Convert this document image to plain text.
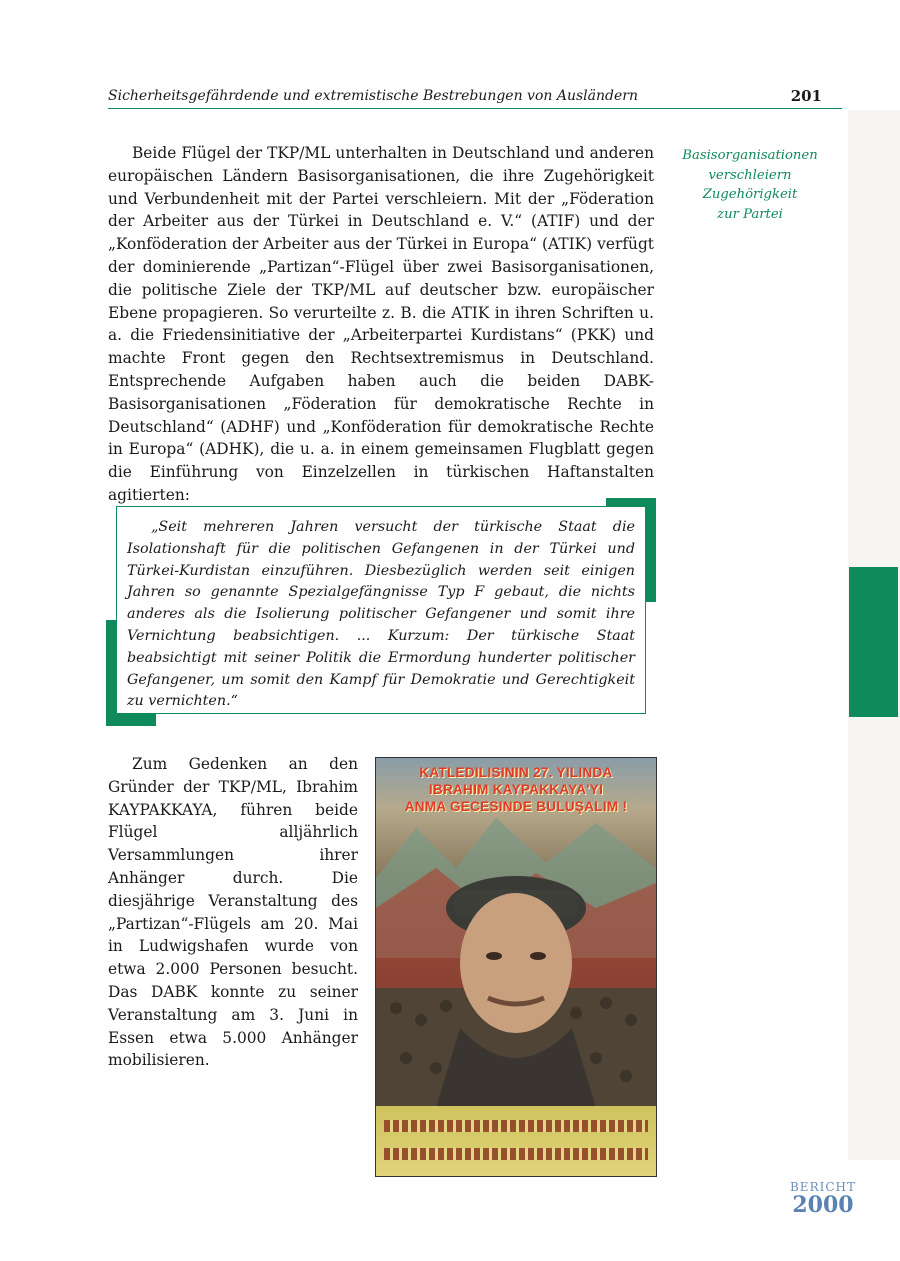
Sicherheitsgefährdende und extremistische Bestrebungen von Ausländern	201

Beide Flügel der TKP/ML unterhalten in Deutschland und anderen europäischen Ländern Basisorganisationen, die ihre Zugehörigkeit und Verbundenheit mit der Partei verschleiern. Mit der „Föderation der Arbeiter aus der Türkei in Deutschland e. V.“ (ATIF) und der „Konföderation der Arbeiter aus der Türkei in Europa“ (ATIK) verfügt der dominierende „Partizan“-Flügel über zwei Basisorganisationen, die politische Ziele der TKP/ML auf deutscher bzw. europäischer Ebene propagieren. So verurteilte z. B. die ATIK in ihren Schriften u. a. die Friedensinitiative der „Arbeiterpartei Kurdistans“ (PKK) und machte Front gegen den Rechtsextremismus in Deutschland. Entsprechende Aufgaben haben auch die beiden DABK-Basisorganisationen „Föderation für demokratische Rechte in Deutschland“ (ADHF) und „Konföderation für demokratische Rechte in Europa“ (ADHK), die u. a. in einem gemeinsamen Flugblatt gegen die Einführung von Einzelzellen in türkischen Haftanstalten agitierten:

Basisorganisationen
verschleiern
Zugehörigkeit
zur Partei
„Seit mehreren Jahren versucht der türkische Staat die Isolationshaft für die politischen Gefangenen in der Türkei und Türkei-Kurdistan einzuführen. Diesbezüglich werden seit einigen Jahren so genannte Spezialgefängnisse Typ F gebaut, die nichts anderes als die Isolierung politischer Gefangener und somit ihre Vernichtung beabsichtigen. ... Kurzum: Der türkische Staat beabsichtigt mit seiner Politik die Ermordung hunderter politischer Gefangener, um somit den Kampf für Demokratie und Gerechtigkeit zu vernichten.“

Zum Gedenken an den Gründer der TKP/ML, Ibrahim KAYPAKKAYA, führen beide Flügel alljährlich Versammlungen ihrer Anhänger durch. Die diesjährige Veranstaltung des „Partizan“-Flügels am 20. Mai in Ludwigshafen wurde von etwa 2.000 Personen besucht. Das DABK konnte zu seiner Veranstaltung am 3. Juni in Essen etwa 5.000 Anhänger mobilisieren.

KATLEDILISININ 27. YILINDA
IBRAHIM KAYPAKKAYA'YI
ANMA GECESINDE BULUŞALIM !
BERICHT
2000
